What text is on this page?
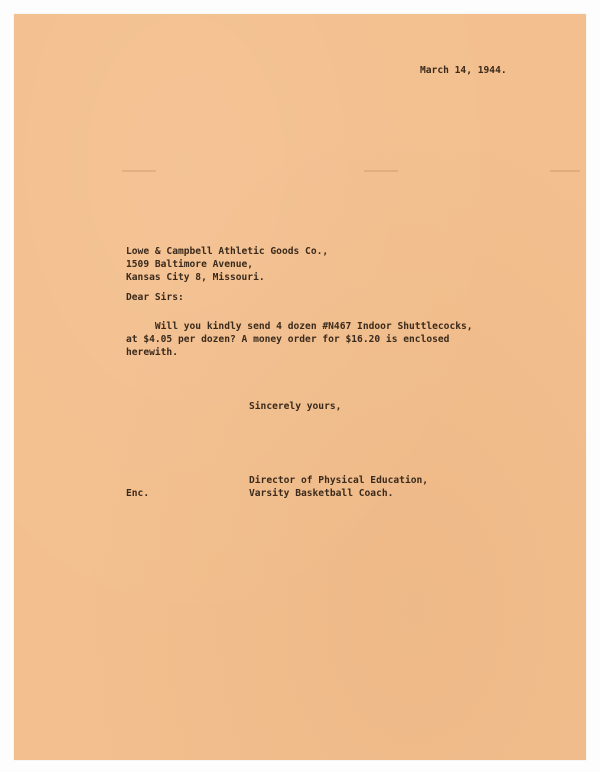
March 14, 1944.

Lowe & Campbell Athletic Goods Co.,
1509 Baltimore Avenue,
Kansas City 8, Missouri.

Dear Sirs:

Will you kindly send 4 dozen #N467 Indoor Shuttlecocks,
at $4.05 per dozen? A money order for $16.20 is enclosed
herewith.

Sincerely yours,

Director of Physical Education,
Varsity Basketball Coach.

Enc.
